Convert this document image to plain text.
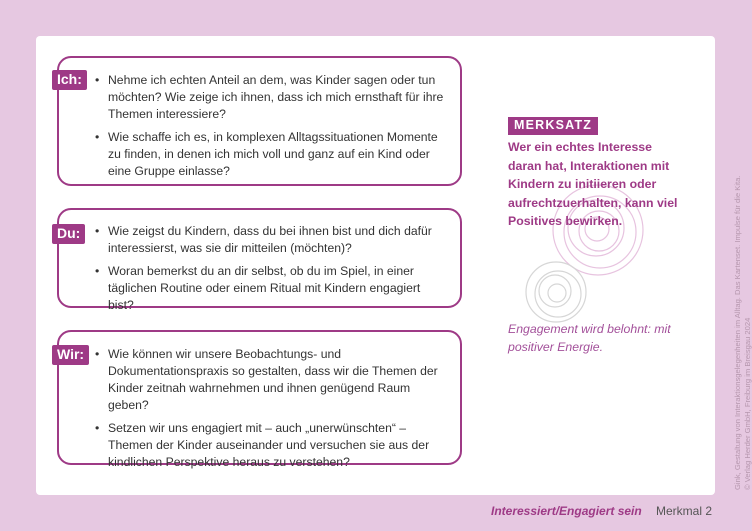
• Nehme ich echten Anteil an dem, was Kinder sagen oder tun möchten? Wie zeige ich ihnen, dass ich mich ernsthaft für ihre Themen interessiere?
• Wie schaffe ich es, in komplexen Alltagssituationen Momente zu finden, in denen ich mich voll und ganz auf ein Kind oder eine Gruppe einlasse?
Ich:
• Wie zeigst du Kindern, dass du bei ihnen bist und dich dafür interessierst, was sie dir mitteilen (möchten)?
• Woran bemerkst du an dir selbst, ob du im Spiel, in einer täglichen Routine oder einem Ritual mit Kindern engagiert bist?
Du:
• Wie können wir unsere Beobachtungs- und Dokumentationspraxis so gestalten, dass wir die Themen der Kinder zeitnah wahrnehmen und ihnen genügend Raum geben?
• Setzen wir uns engagiert mit – auch „unerwünschten“ – Themen der Kinder auseinander und versuchen sie aus der kindlichen Perspektive heraus zu verstehen?
Wir:
MERKSATZ
Wer ein echtes Interesse daran hat, Interaktionen mit Kindern zu initiieren oder aufrechtzuerhalten, kann viel Positives bewirken.
Engagement wird belohnt: mit positiver Energie.	Gink, Gestaltung von Interaktionsgelegenheiten im Alltag. Das Kartenset. Impulse für die Kita. © Verlag Herder GmbH, Freiburg im Breisgau 2024
Interessiert/Engagiert sein Merkmal 2
